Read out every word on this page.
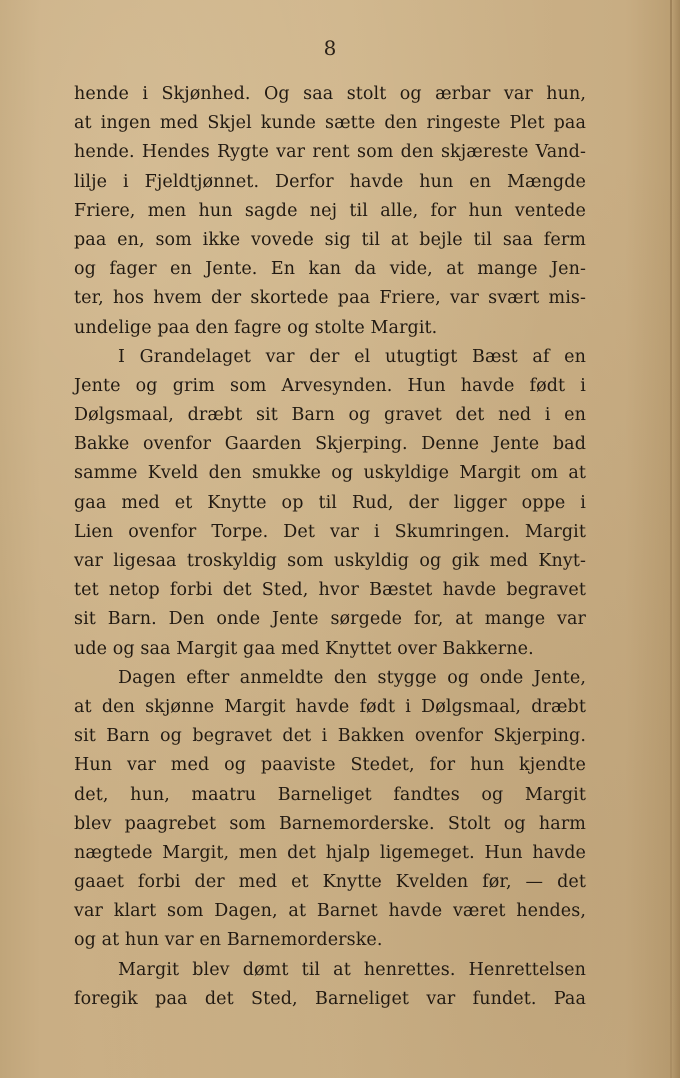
8
hende i Skjønhed. Og saa stolt og ærbar var hun,
at ingen med Skjel kunde sætte den ringeste Plet paa
hende. Hendes Rygte var rent som den skjæreste Vand-
lilje i Fjeldtjønnet. Derfor havde hun en Mængde
Friere, men hun sagde nej til alle, for hun ventede
paa en, som ikke vovede sig til at bejle til saa ferm
og fager en Jente. En kan da vide, at mange Jen-
ter, hos hvem der skortede paa Friere, var svært mis-
undelige paa den fagre og stolte Margit.
I Grandelaget var der el utugtigt Bæst af en
Jente og grim som Arvesynden. Hun havde født i
Dølgsmaal, dræbt sit Barn og gravet det ned i en
Bakke ovenfor Gaarden Skjerping. Denne Jente bad
samme Kveld den smukke og uskyldige Margit om at
gaa med et Knytte op til Rud, der ligger oppe i
Lien ovenfor Torpe. Det var i Skumringen. Margit
var ligesaa troskyldig som uskyldig og gik med Knyt-
tet netop forbi det Sted, hvor Bæstet havde begravet
sit Barn. Den onde Jente sørgede for, at mange var
ude og saa Margit gaa med Knyttet over Bakkerne.
Dagen efter anmeldte den stygge og onde Jente,
at den skjønne Margit havde født i Dølgsmaal, dræbt
sit Barn og begravet det i Bakken ovenfor Skjerping.
Hun var med og paaviste Stedet, for hun kjendte
det, hun, maatru Barneliget fandtes og Margit
blev paagrebet som Barnemorderske. Stolt og harm
nægtede Margit, men det hjalp ligemeget. Hun havde
gaaet forbi der med et Knytte Kvelden før, — det
var klart som Dagen, at Barnet havde været hendes,
og at hun var en Barnemorderske.
Margit blev dømt til at henrettes. Henrettelsen
foregik paa det Sted, Barneliget var fundet. Paa
